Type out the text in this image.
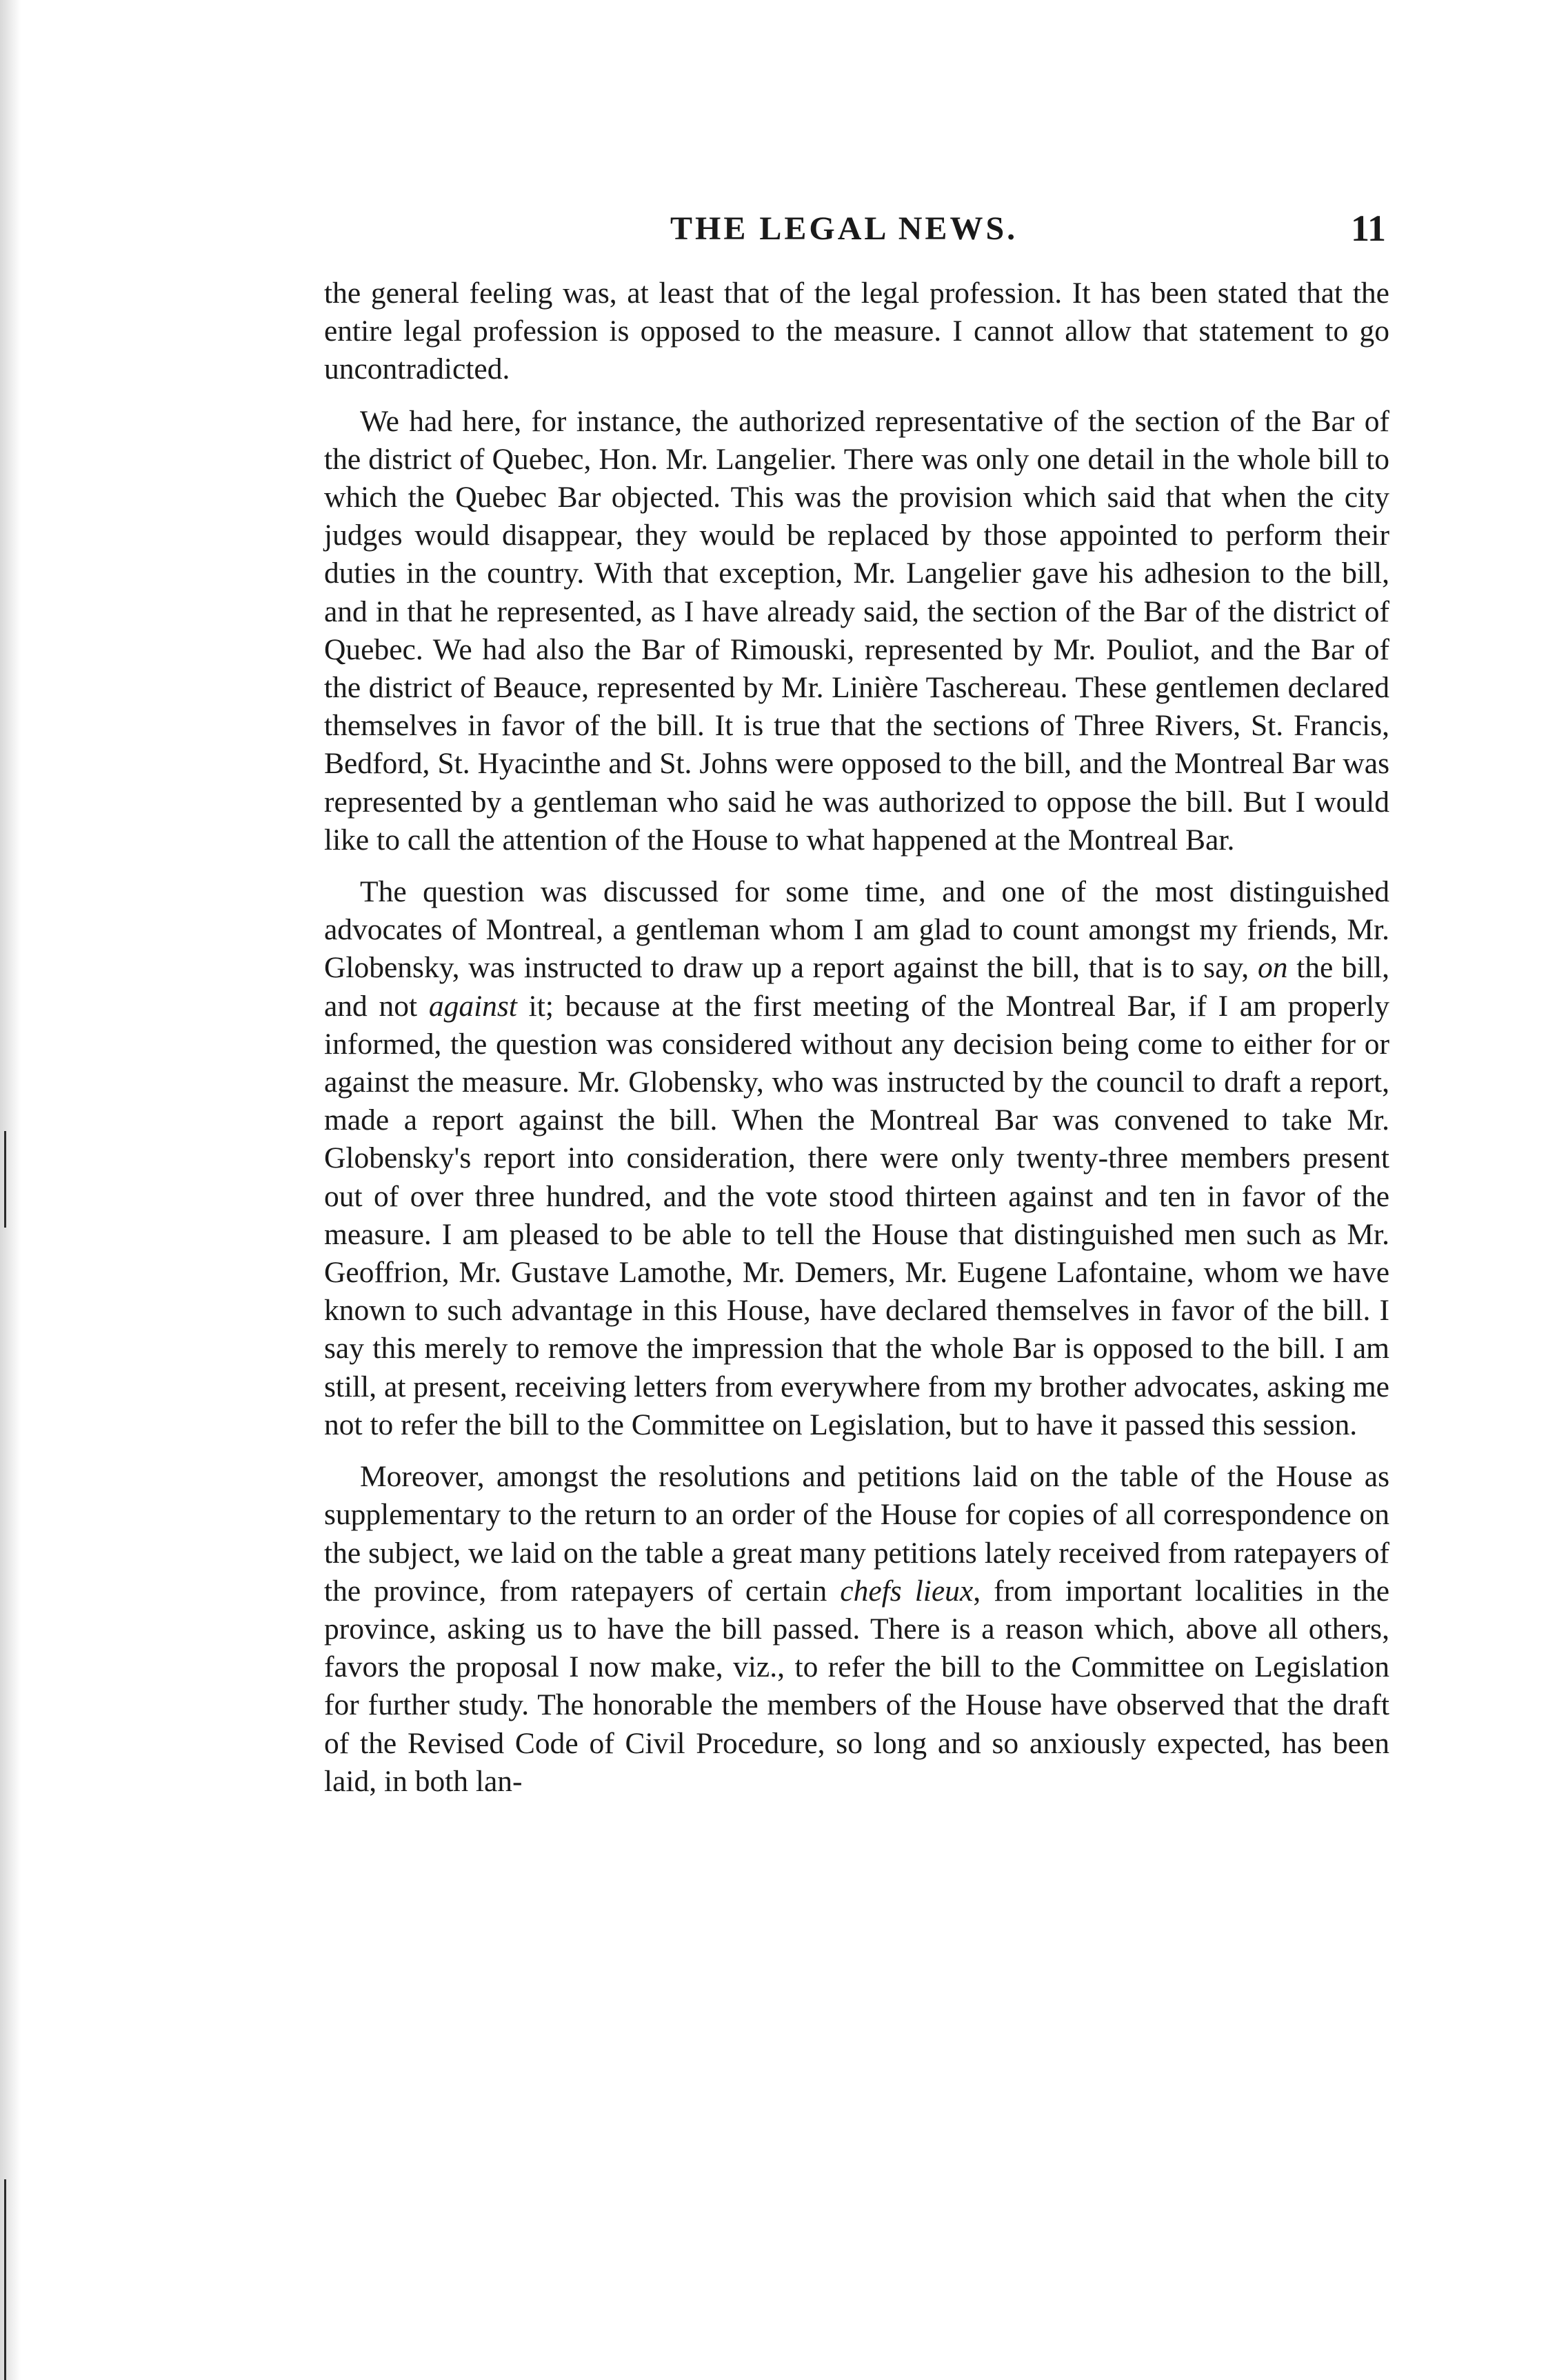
THE LEGAL NEWS.	11

the general feeling was, at least that of the legal profession. It has been stated that the entire legal profession is opposed to the measure. I cannot allow that statement to go uncontradicted.

We had here, for instance, the authorized representative of the section of the Bar of the district of Quebec, Hon. Mr. Langelier. There was only one detail in the whole bill to which the Quebec Bar objected. This was the provision which said that when the city judges would disappear, they would be replaced by those appointed to perform their duties in the country. With that exception, Mr. Langelier gave his adhesion to the bill, and in that he represented, as I have already said, the section of the Bar of the district of Quebec. We had also the Bar of Rimouski, represented by Mr. Pouliot, and the Bar of the district of Beauce, represented by Mr. Linière Taschereau. These gentlemen declared themselves in favor of the bill. It is true that the sections of Three Rivers, St. Francis, Bedford, St. Hyacinthe and St. Johns were opposed to the bill, and the Montreal Bar was represented by a gentleman who said he was authorized to oppose the bill. But I would like to call the attention of the House to what happened at the Montreal Bar.

The question was discussed for some time, and one of the most distinguished advocates of Montreal, a gentleman whom I am glad to count amongst my friends, Mr. Globensky, was instructed to draw up a report against the bill, that is to say, on the bill, and not against it; because at the first meeting of the Montreal Bar, if I am properly informed, the question was considered without any decision being come to either for or against the measure. Mr. Globensky, who was instructed by the council to draft a report, made a report against the bill. When the Montreal Bar was convened to take Mr. Globensky's report into consideration, there were only twenty-three members present out of over three hundred, and the vote stood thirteen against and ten in favor of the measure. I am pleased to be able to tell the House that distinguished men such as Mr. Geoffrion, Mr. Gustave Lamothe, Mr. Demers, Mr. Eugene Lafontaine, whom we have known to such advantage in this House, have declared themselves in favor of the bill. I say this merely to remove the impression that the whole Bar is opposed to the bill. I am still, at present, receiving letters from everywhere from my brother advocates, asking me not to refer the bill to the Committee on Legislation, but to have it passed this session.

Moreover, amongst the resolutions and petitions laid on the table of the House as supplementary to the return to an order of the House for copies of all correspondence on the subject, we laid on the table a great many petitions lately received from ratepayers of the province, from ratepayers of certain chefs lieux, from important localities in the province, asking us to have the bill passed. There is a reason which, above all others, favors the proposal I now make, viz., to refer the bill to the Committee on Legislation for further study. The honorable the members of the House have observed that the draft of the Revised Code of Civil Procedure, so long and so anxiously expected, has been laid, in both lan-
